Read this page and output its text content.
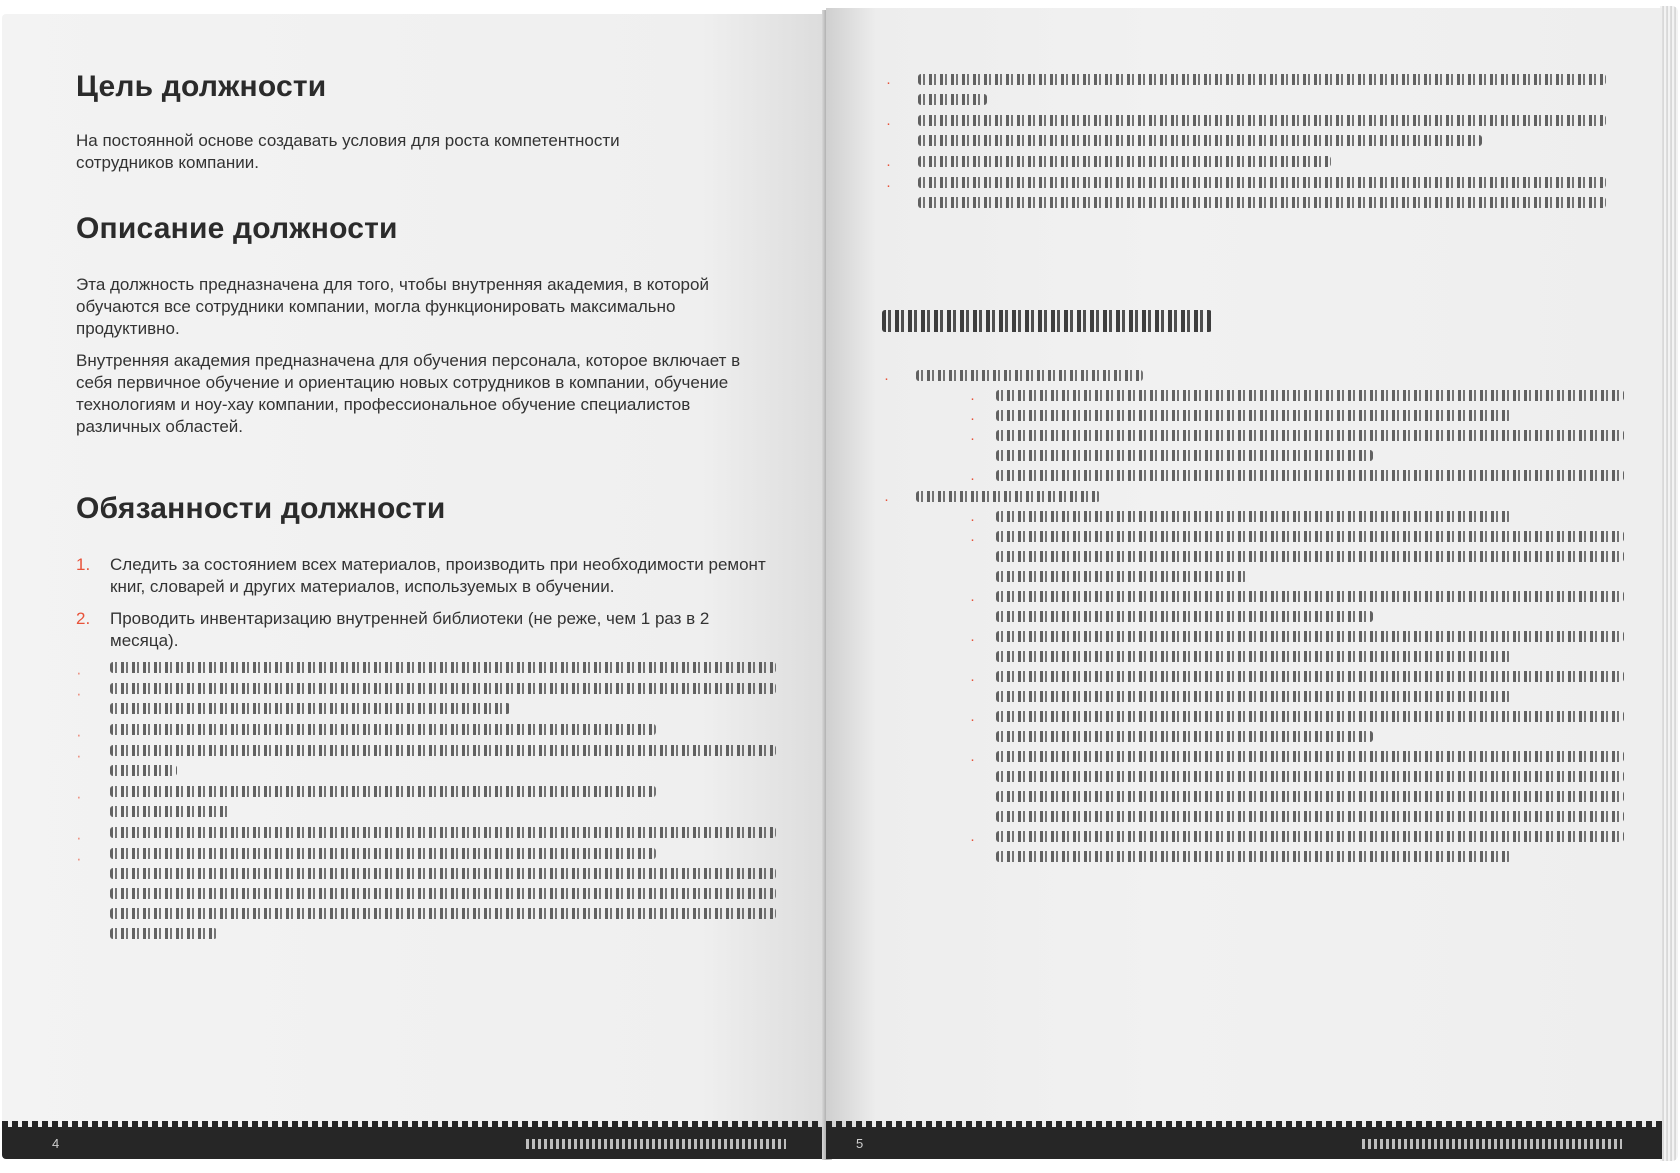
Цель должности

На постоянной основе создавать условия для роста компетентности сотрудников компании.

Описание должности

Эта должность предназначена для того, чтобы внутренняя академия, в которой обучаются все сотрудники компании, могла функционировать максимально продуктивно.

Внутренняя академия предназначена для обучения персонала, которое включает в себя первичное обучение и ориентацию новых сотрудников в компании, обучение технологиям и ноу-хау компании, профессиональное обучение специалистов различных областей.

Обязанности должности
1. Следить за состоянием всех материалов, производить при необходимости ремонт книг, словарей и других материалов, используемых в обучении.
2. Проводить инвентаризацию внутренней библиотеки (не реже, чем 1 раз в 2 месяца).
·
·
·
·
·
·
·
4
·
·
·
·
·
·
·
·
·
·
·
·
·
·
·
·
·
·
5
